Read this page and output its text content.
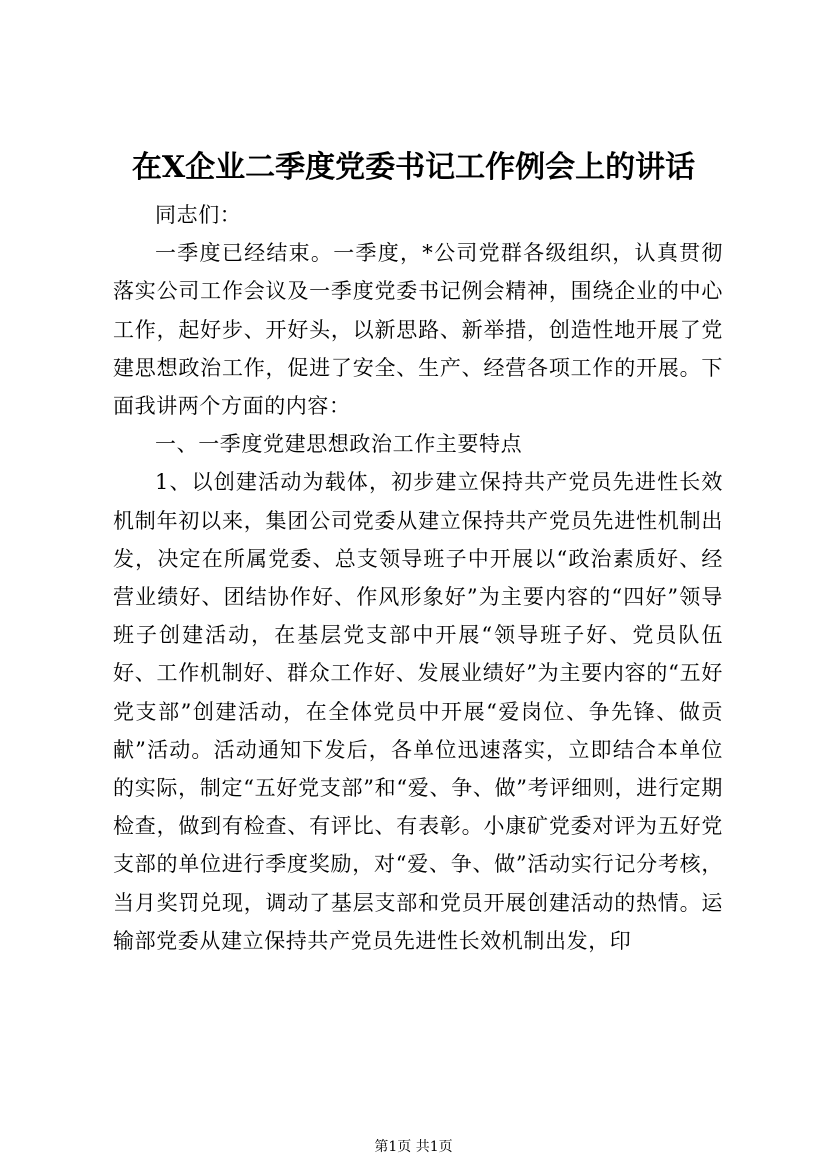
在X企业二季度党委书记工作例会上的讲话

同志们：

一季度已经结束。一季度，*公司党群各级组织，认真贯彻落实公司工作会议及一季度党委书记例会精神，围绕企业的中心工作，起好步、开好头，以新思路、新举措，创造性地开展了党建思想政治工作，促进了安全、生产、经营各项工作的开展。下面我讲两个方面的内容：

一、一季度党建思想政治工作主要特点

1、以创建活动为载体，初步建立保持共产党员先进性长效机制年初以来，集团公司党委从建立保持共产党员先进性机制出发，决定在所属党委、总支领导班子中开展以“政治素质好、经营业绩好、团结协作好、作风形象好”为主要内容的“四好”领导班子创建活动，在基层党支部中开展“领导班子好、党员队伍好、工作机制好、群众工作好、发展业绩好”为主要内容的“五好党支部”创建活动，在全体党员中开展“爱岗位、争先锋、做贡献”活动。活动通知下发后，各单位迅速落实，立即结合本单位的实际，制定“五好党支部”和“爱、争、做”考评细则，进行定期检查，做到有检查、有评比、有表彰。小康矿党委对评为五好党支部的单位进行季度奖励，对“爱、争、做”活动实行记分考核，当月奖罚兑现，调动了基层支部和党员开展创建活动的热情。运输部党委从建立保持共产党员先进性长效机制出发，印

第1页 共1页
